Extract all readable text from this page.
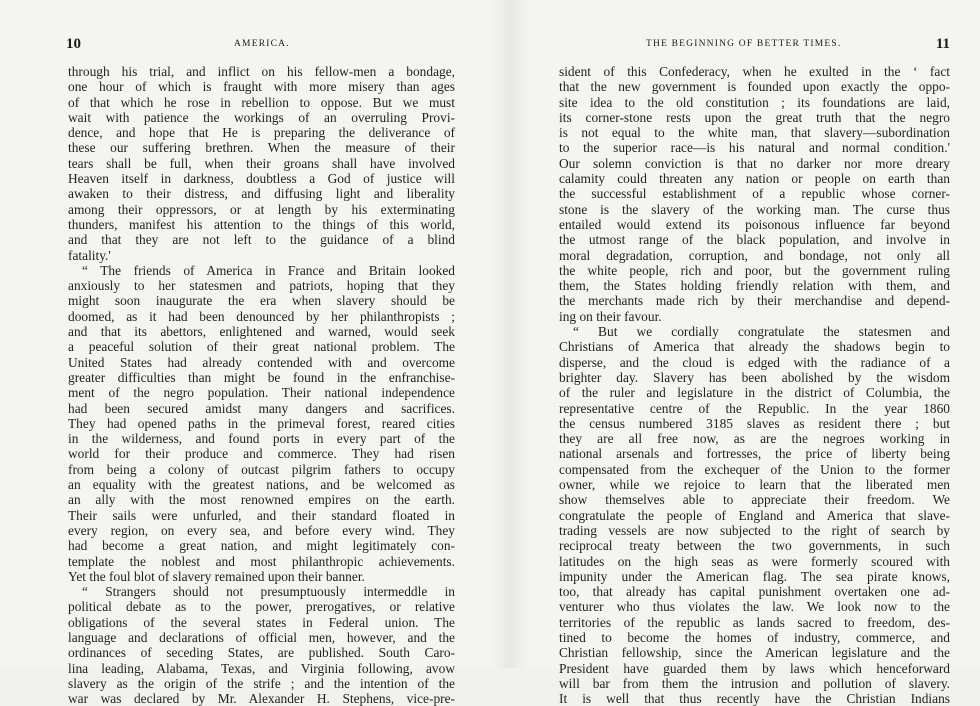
10	AMERICA.
through his trial, and inflict on his fellow-men a bondage,
one hour of which is fraught with more misery than ages
of that which he rose in rebellion to oppose. But we must
wait with patience the workings of an overruling Provi-
dence, and hope that He is preparing the deliverance of
these our suffering brethren. When the measure of their
tears shall be full, when their groans shall have involved
Heaven itself in darkness, doubtless a God of justice will
awaken to their distress, and diffusing light and liberality
among their oppressors, or at length by his exterminating
thunders, manifest his attention to the things of this world,
and that they are not left to the guidance of a blind
fatality.'
“ The friends of America in France and Britain looked
anxiously to her statesmen and patriots, hoping that they
might soon inaugurate the era when slavery should be
doomed, as it had been denounced by her philanthropists ;
and that its abettors, enlightened and warned, would seek
a peaceful solution of their great national problem. The
United States had already contended with and overcome
greater difficulties than might be found in the enfranchise-
ment of the negro population. Their national independence
had been secured amidst many dangers and sacrifices.
They had opened paths in the primeval forest, reared cities
in the wilderness, and found ports in every part of the
world for their produce and commerce. They had risen
from being a colony of outcast pilgrim fathers to occupy
an equality with the greatest nations, and be welcomed as
an ally with the most renowned empires on the earth.
Their sails were unfurled, and their standard floated in
every region, on every sea, and before every wind. They
had become a great nation, and might legitimately con-
template the noblest and most philanthropic achievements.
Yet the foul blot of slavery remained upon their banner.
“ Strangers should not presumptuously intermeddle in
political debate as to the power, prerogatives, or relative
obligations of the several states in Federal union. The
language and declarations of official men, however, and the
ordinances of seceding States, are published. South Caro-
lina leading, Alabama, Texas, and Virginia following, avow
slavery as the origin of the strife ; and the intention of the
war was declared by Mr. Alexander H. Stephens, vice-pre-
THE BEGINNING OF BETTER TIMES.	11
sident of this Confederacy, when he exulted in the ‘ fact
that the new government is founded upon exactly the oppo-
site idea to the old constitution ; its foundations are laid,
its corner-stone rests upon the great truth that the negro
is not equal to the white man, that slavery—subordination
to the superior race—is his natural and normal condition.'
Our solemn conviction is that no darker nor more dreary
calamity could threaten any nation or people on earth than
the successful establishment of a republic whose corner-
stone is the slavery of the working man. The curse thus
entailed would extend its poisonous influence far beyond
the utmost range of the black population, and involve in
moral degradation, corruption, and bondage, not only all
the white people, rich and poor, but the government ruling
them, the States holding friendly relation with them, and
the merchants made rich by their merchandise and depend-
ing on their favour.
“ But we cordially congratulate the statesmen and
Christians of America that already the shadows begin to
disperse, and the cloud is edged with the radiance of a
brighter day. Slavery has been abolished by the wisdom
of the ruler and legislature in the district of Columbia, the
representative centre of the Republic. In the year 1860
the census numbered 3185 slaves as resident there ; but
they are all free now, as are the negroes working in
national arsenals and fortresses, the price of liberty being
compensated from the exchequer of the Union to the former
owner, while we rejoice to learn that the liberated men
show themselves able to appreciate their freedom. We
congratulate the people of England and America that slave-
trading vessels are now subjected to the right of search by
reciprocal treaty between the two governments, in such
latitudes on the high seas as were formerly scoured with
impunity under the American flag. The sea pirate knows,
too, that already has capital punishment overtaken one ad-
venturer who thus violates the law. We look now to the
territories of the republic as lands sacred to freedom, des-
tined to become the homes of industry, commerce, and
Christian fellowship, since the American legislature and the
President have guarded them by laws which henceforward
will bar from them the intrusion and pollution of slavery.
It is well that thus recently have the Christian Indians
